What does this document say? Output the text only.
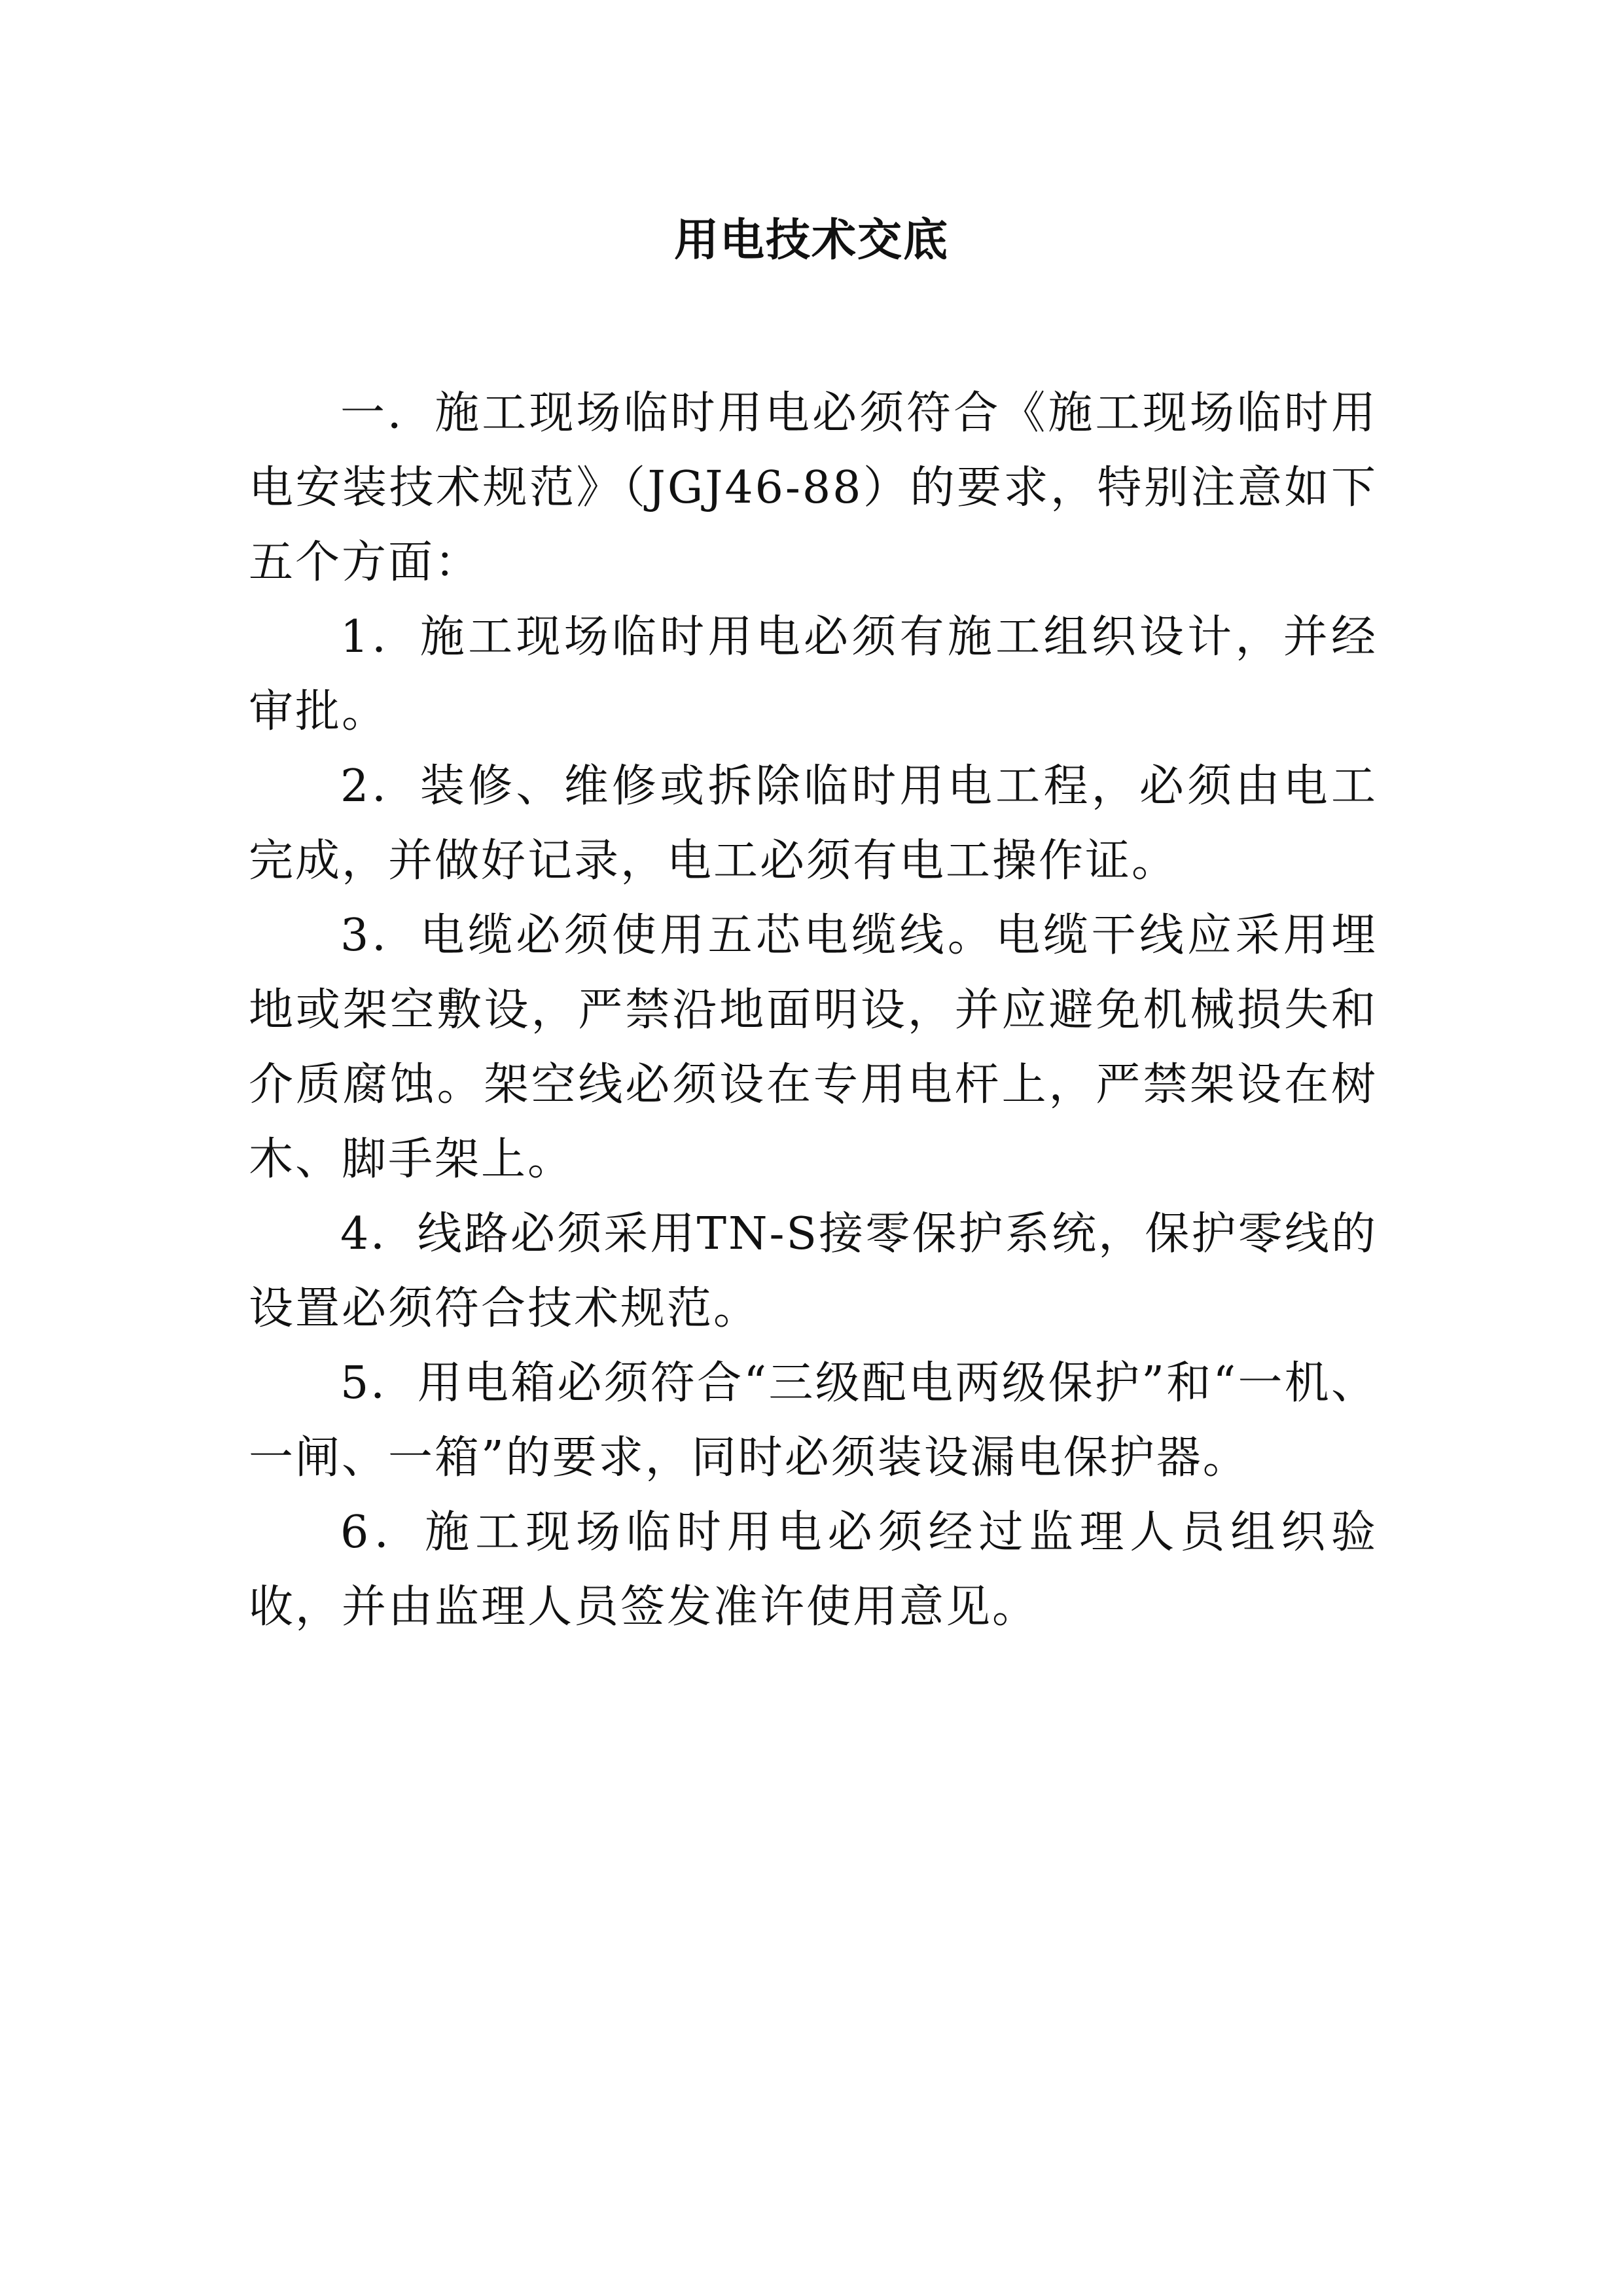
用电技术交底

一．施工现场临时用电必须符合《施工现场临时用电安装技术规范》（JGJ46-88）的要求，特别注意如下五个方面：

1．施工现场临时用电必须有施工组织设计，并经审批。

2．装修、维修或拆除临时用电工程，必须由电工完成，并做好记录，电工必须有电工操作证。

3．电缆必须使用五芯电缆线。电缆干线应采用埋地或架空敷设，严禁沿地面明设，并应避免机械损失和介质腐蚀。架空线必须设在专用电杆上，严禁架设在树木、脚手架上。

4．线路必须采用TN-S接零保护系统，保护零线的设置必须符合技术规范。

5．用电箱必须符合“三级配电两级保护”和“一机、一闸、一箱”的要求，同时必须装设漏电保护器。

6．施工现场临时用电必须经过监理人员组织验收，并由监理人员签发准许使用意见。
